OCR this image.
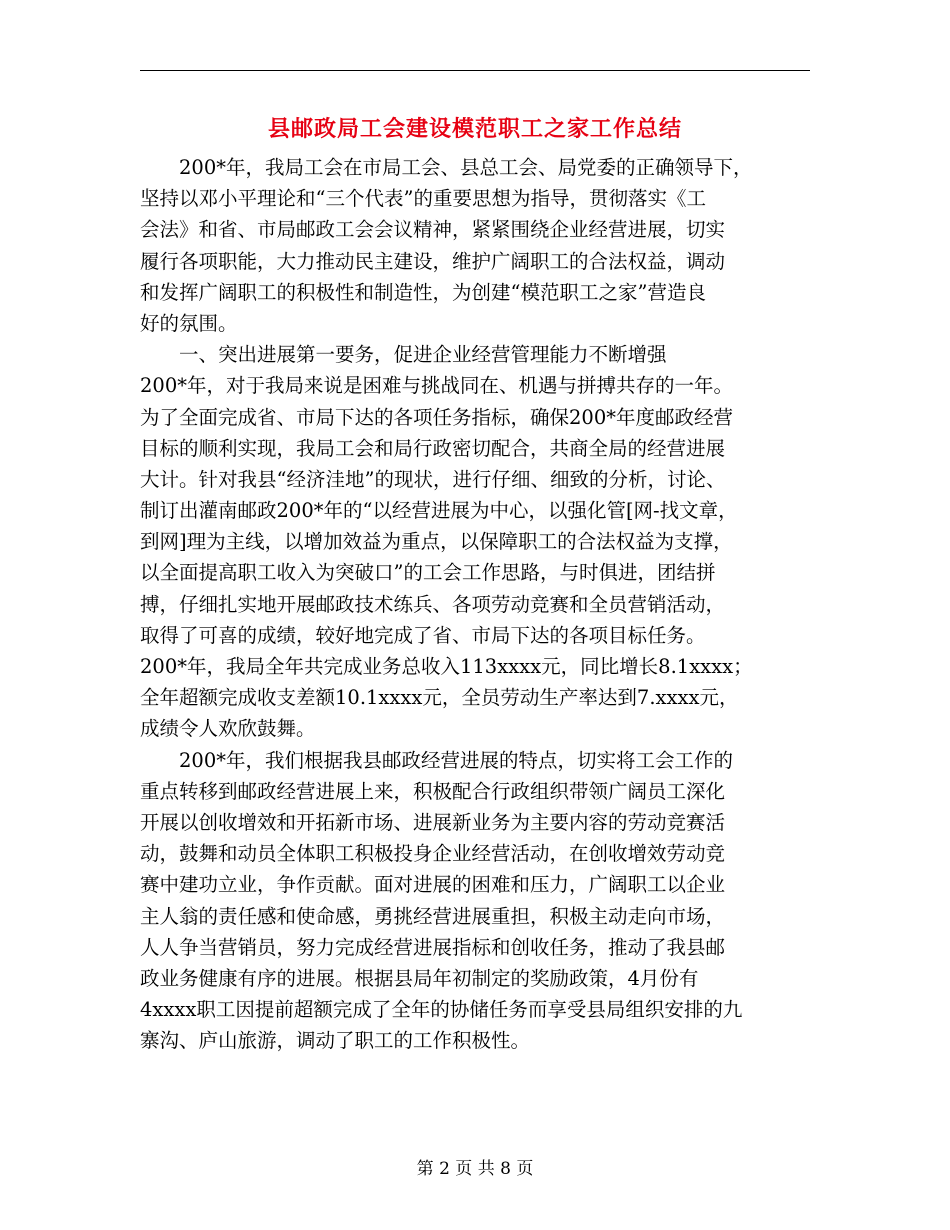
县邮政局工会建设模范职工之家工作总结
200*年，我局工会在市局工会、县总工会、局党委的正确领导下，
坚持以邓小平理论和“三个代表”的重要思想为指导，贯彻落实《工
会法》和省、市局邮政工会会议精神，紧紧围绕企业经营进展，切实
履行各项职能，大力推动民主建设，维护广阔职工的合法权益，调动
和发挥广阔职工的积极性和制造性，为创建“模范职工之家”营造良
好的氛围。
一、突出进展第一要务，促进企业经营管理能力不断增强
200*年，对于我局来说是困难与挑战同在、机遇与拼搏共存的一年。
为了全面完成省、市局下达的各项任务指标，确保200*年度邮政经营
目标的顺利实现，我局工会和局行政密切配合，共商全局的经营进展
大计。针对我县“经济洼地”的现状，进行仔细、细致的分析，讨论、
制订出灌南邮政200*年的“以经营进展为中心，以强化管[网-找文章，
到网]理为主线，以增加效益为重点，以保障职工的合法权益为支撑，
以全面提高职工收入为突破口”的工会工作思路，与时俱进，团结拼
搏，仔细扎实地开展邮政技术练兵、各项劳动竞赛和全员营销活动，
取得了可喜的成绩，较好地完成了省、市局下达的各项目标任务。
200*年，我局全年共完成业务总收入113xxxx元，同比增长8.1xxxx；
全年超额完成收支差额10.1xxxx元，全员劳动生产率达到7.xxxx元，
成绩令人欢欣鼓舞。
200*年，我们根据我县邮政经营进展的特点，切实将工会工作的
重点转移到邮政经营进展上来，积极配合行政组织带领广阔员工深化
开展以创收增效和开拓新市场、进展新业务为主要内容的劳动竞赛活
动，鼓舞和动员全体职工积极投身企业经营活动，在创收增效劳动竞
赛中建功立业，争作贡献。面对进展的困难和压力，广阔职工以企业
主人翁的责任感和使命感，勇挑经营进展重担，积极主动走向市场，
人人争当营销员，努力完成经营进展指标和创收任务，推动了我县邮
政业务健康有序的进展。根据县局年初制定的奖励政策，4月份有
4xxxx职工因提前超额完成了全年的协储任务而享受县局组织安排的九
寨沟、庐山旅游，调动了职工的工作积极性。
第 2 页 共 8 页
